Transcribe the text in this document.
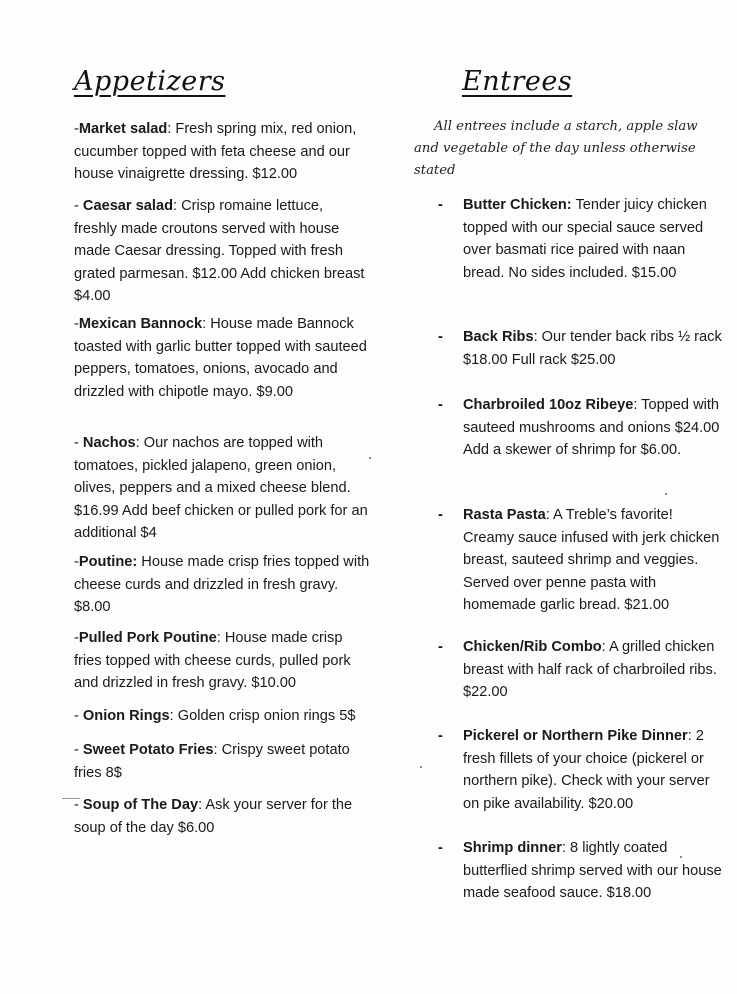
Appetizers	Entrees
All entrees include a starch, apple slaw and vegetable of the day unless otherwise stated

-Market salad: Fresh spring mix, red onion, cucumber topped with feta cheese and our house vinaigrette dressing. $12.00

- Caesar salad: Crisp romaine lettuce, freshly made croutons served with house made Caesar dressing. Topped with fresh grated parmesan. $12.00 Add chicken breast $4.00

-Mexican Bannock: House made Bannock toasted with garlic butter topped with sauteed peppers, tomatoes, onions, avocado and drizzled with chipotle mayo. $9.00

- Nachos: Our nachos are topped with tomatoes, pickled jalapeno, green onion, olives, peppers and a mixed cheese blend. $16.99 Add beef chicken or pulled pork for an additional $4

-Poutine: House made crisp fries topped with cheese curds and drizzled in fresh gravy. $8.00

-Pulled Pork Poutine: House made crisp fries topped with cheese curds, pulled pork and drizzled in fresh gravy. $10.00

- Onion Rings: Golden crisp onion rings 5$

- Sweet Potato Fries: Crispy sweet potato fries 8$

- Soup of The Day: Ask your server for the soup of the day $6.00

- Butter Chicken: Tender juicy chicken topped with our special sauce served over basmati rice paired with naan bread. No sides included. $15.00

- Back Ribs: Our tender back ribs ½ rack $18.00 Full rack $25.00

- Charbroiled 10oz Ribeye: Topped with sauteed mushrooms and onions $24.00 Add a skewer of shrimp for $6.00.

- Rasta Pasta: A Treble’s favorite! Creamy sauce infused with jerk chicken breast, sauteed shrimp and veggies. Served over penne pasta with homemade garlic bread. $21.00

- Chicken/Rib Combo: A grilled chicken breast with half rack of charbroiled ribs. $22.00

- Pickerel or Northern Pike Dinner: 2 fresh fillets of your choice (pickerel or northern pike). Check with your server on pike availability. $20.00

- Shrimp dinner: 8 lightly coated butterflied shrimp served with our house made seafood sauce. $18.00
